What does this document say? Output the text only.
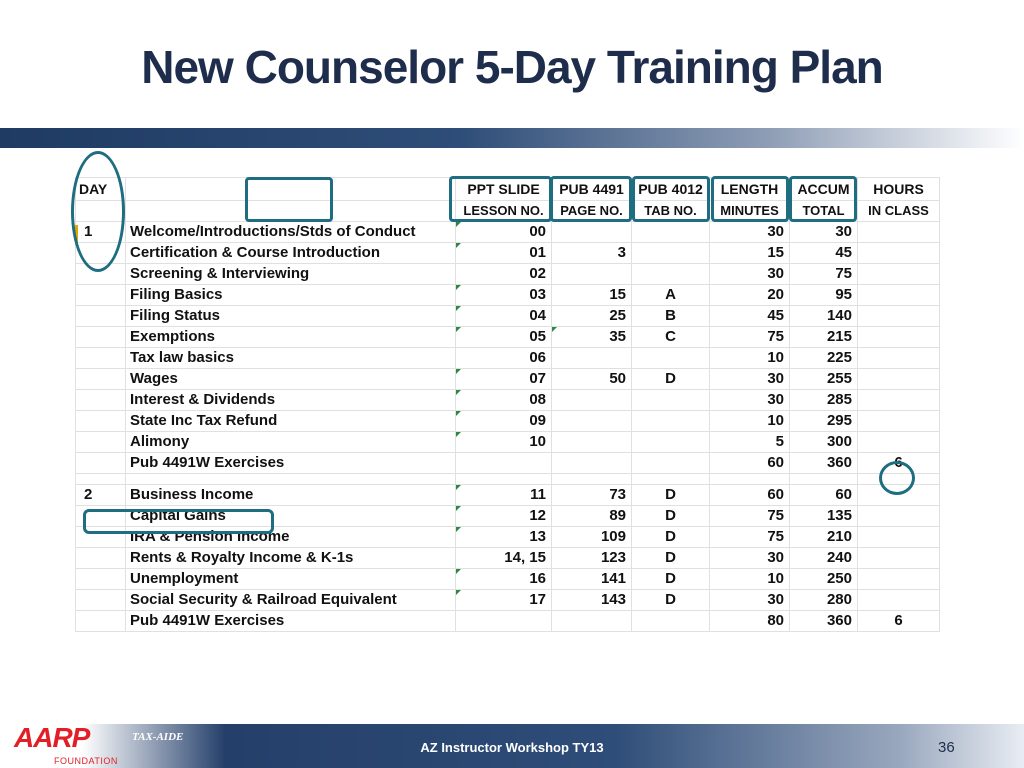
New Counselor 5-Day Training Plan
DAY			PPT SLIDE	PUB 4491	PUB 4012	LENGTH	ACCUM	HOURS
			LESSON NO.	PAGE NO.	TAB NO.	MINUTES	TOTAL	IN CLASS
1	Welcome/Introductions/Stds of Conduct		00			30	30	
	Certification & Course Introduction		01	3		15	45	
	Screening & Interviewing		02			30	75	
	Filing Basics		03	15	A	20	95	
	Filing Status		04	25	B	45	140	
	Exemptions		05	35	C	75	215	
	Tax law basics		06			10	225	
	Wages		07	50	D	30	255	
	Interest & Dividends		08			30	285	
	State Inc Tax Refund		09			10	295	
	Alimony		10			5	300	
	Pub 4491W Exercises					60	360	6

2	Business Income		11	73	D	60	60	
	Capital Gains		12	89	D	75	135	
	IRA & Pension Income		13	109	D	75	210	
	Rents & Royalty Income & K-1s		14, 15	123	D	30	240	
	Unemployment		16	141	D	10	250	
	Social Security & Railroad Equivalent		17	143	D	30	280	
	Pub 4491W Exercises					80	360	6
AARP
FOUNDATION
TAX-AIDE
AZ Instructor Workshop TY13	36
